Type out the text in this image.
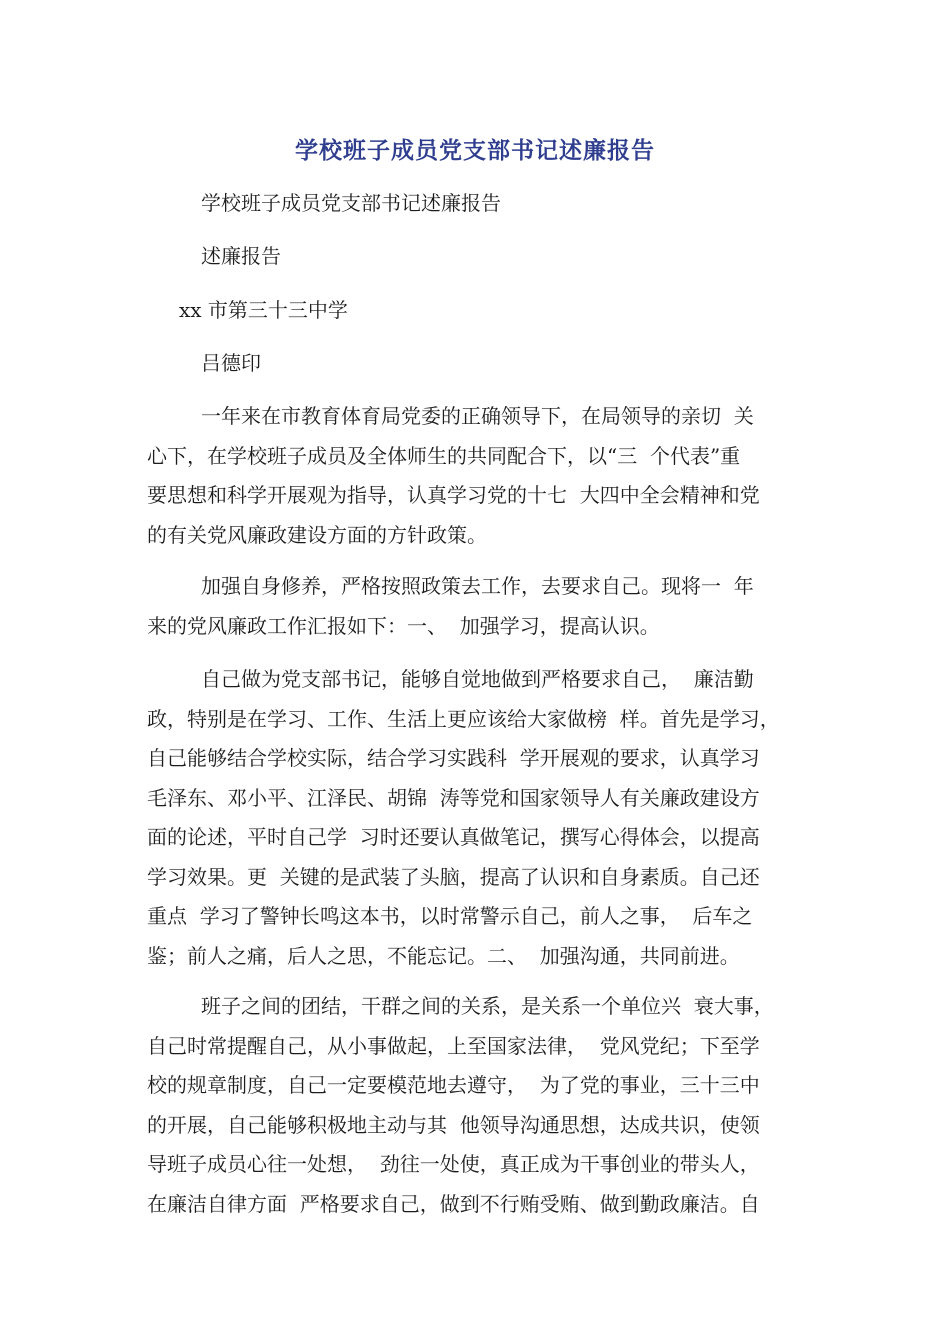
学校班子成员党支部书记述廉报告
学校班子成员党支部书记述廉报告
述廉报告
xx 市第三十三中学
吕德印
一年来在市教育体育局党委的正确领导下，在局领导的亲切  关
心下，在学校班子成员及全体师生的共同配合下，以“三  个代表”重
要思想和科学开展观为指导，认真学习党的十七  大四中全会精神和党
的有关党风廉政建设方面的方针政策。
加强自身修养，严格按照政策去工作，去要求自己。现将一  年
来的党风廉政工作汇报如下：一、  加强学习，提高认识。
自己做为党支部书记，能够自觉地做到严格要求自己，  廉洁勤
政，特别是在学习、工作、生活上更应该给大家做榜  样。首先是学习，
自己能够结合学校实际，结合学习实践科  学开展观的要求，认真学习
毛泽东、邓小平、江泽民、胡锦  涛等党和国家领导人有关廉政建设方
面的论述，平时自己学  习时还要认真做笔记，撰写心得体会，以提高
学习效果。更  关键的是武装了头脑，提高了认识和自身素质。自己还
重点  学习了警钟长鸣这本书，以时常警示自己，前人之事，  后车之
鉴；前人之痛，后人之思，不能忘记。二、  加强沟通，共同前进。
班子之间的团结，干群之间的关系，是关系一个单位兴  衰大事，
自己时常提醒自己，从小事做起，上至国家法律，  党风党纪；下至学
校的规章制度，自己一定要模范地去遵守，  为了党的事业，三十三中
的开展，自己能够积极地主动与其  他领导沟通思想，达成共识，使领
导班子成员心往一处想，  劲往一处使，真正成为干事创业的带头人，
在廉洁自律方面  严格要求自己，做到不行贿受贿、做到勤政廉洁。自
